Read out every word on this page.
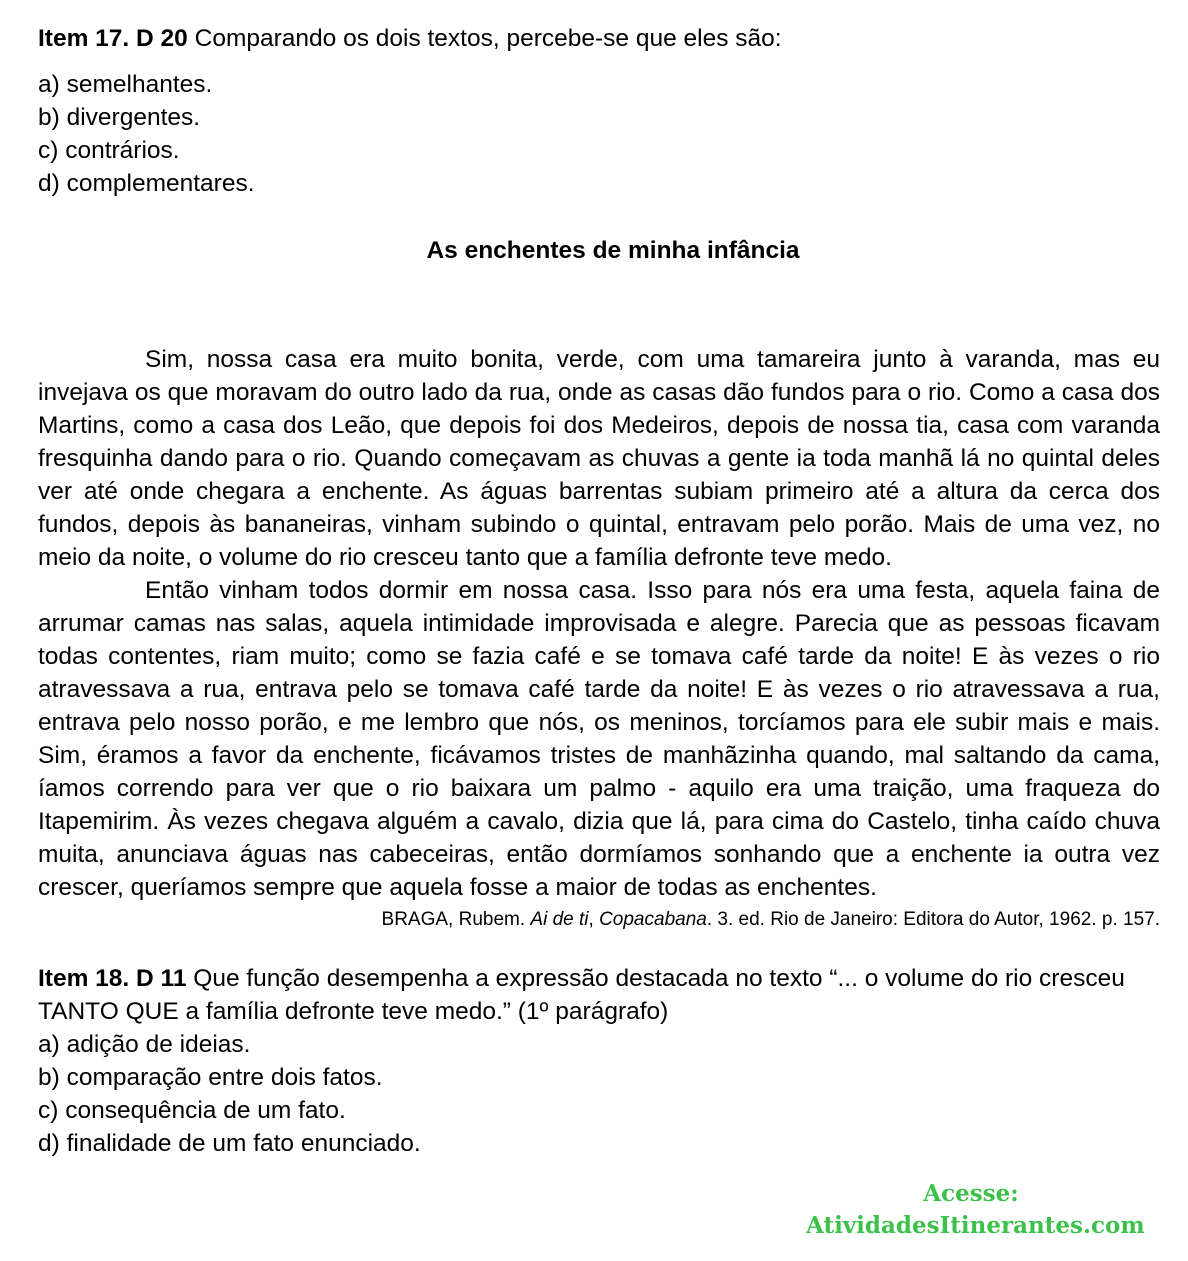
Item 17. D 20 Comparando os dois textos, percebe-se que eles são:
a) semelhantes.
b) divergentes.
c) contrários.
d) complementares.
As enchentes de minha infância

Sim, nossa casa era muito bonita, verde, com uma tamareira junto à varanda, mas eu invejava os que moravam do outro lado da rua, onde as casas dão fundos para o rio. Como a casa dos Martins, como a casa dos Leão, que depois foi dos Medeiros, depois de nossa tia, casa com varanda fresquinha dando para o rio. Quando começavam as chuvas a gente ia toda manhã lá no quintal deles ver até onde chegara a enchente. As águas barrentas subiam primeiro até a altura da cerca dos fundos, depois às bananeiras, vinham subindo o quintal, entravam pelo porão. Mais de uma vez, no meio da noite, o volume do rio cresceu tanto que a família defronte teve medo.

Então vinham todos dormir em nossa casa. Isso para nós era uma festa, aquela faina de arrumar camas nas salas, aquela intimidade improvisada e alegre. Parecia que as pessoas ficavam todas contentes, riam muito; como se fazia café e se tomava café tarde da noite! E às vezes o rio atravessava a rua, entrava pelo se tomava café tarde da noite! E às vezes o rio atravessava a rua, entrava pelo nosso porão, e me lembro que nós, os meninos, torcíamos para ele subir mais e mais. Sim, éramos a favor da enchente, ficávamos tristes de manhãzinha quando, mal saltando da cama, íamos correndo para ver que o rio baixara um palmo - aquilo era uma traição, uma fraqueza do Itapemirim. Às vezes chegava alguém a cavalo, dizia que lá, para cima do Castelo, tinha caído chuva muita, anunciava águas nas cabeceiras, então dormíamos sonhando que a enchente ia outra vez crescer, queríamos sempre que aquela fosse a maior de todas as enchentes.

BRAGA, Rubem. Ai de ti, Copacabana. 3. ed. Rio de Janeiro: Editora do Autor, 1962. p. 157.
Item 18. D 11 Que função desempenha a expressão destacada no texto “... o volume do rio cresceu TANTO QUE a família defronte teve medo.” (1º parágrafo)
a) adição de ideias.
b) comparação entre dois fatos.
c) consequência de um fato.
d) finalidade de um fato enunciado.
Acesse:
AtividadesItinerantes.com
